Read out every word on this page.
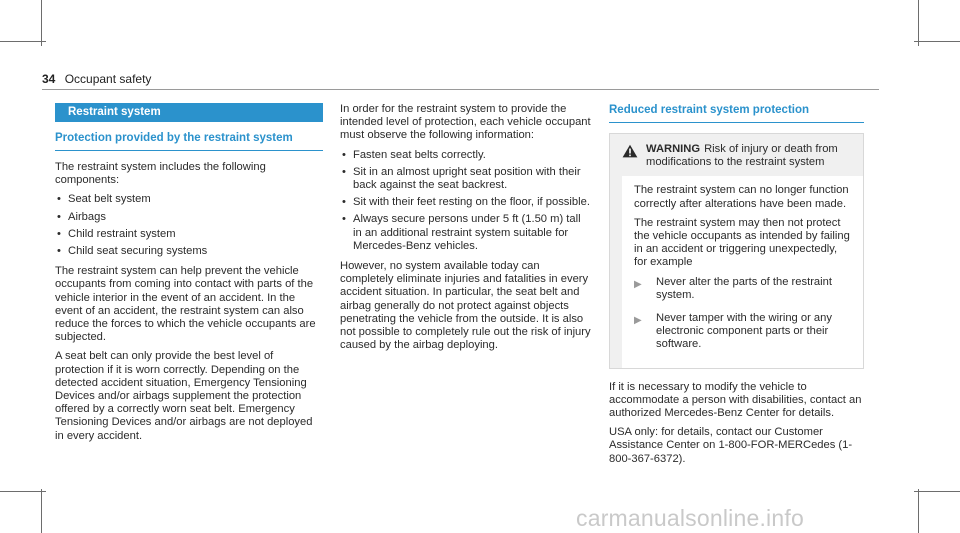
34 Occupant safety
Restraint system
Protection provided by the restraint system

The restraint system includes the following components:

• Seat belt system
• Airbags
• Child restraint system
• Child seat securing systems

The restraint system can help prevent the vehicle occupants from coming into contact with parts of the vehicle interior in the event of an accident. In the event of an accident, the restraint system can also reduce the forces to which the vehicle occupants are subjected.

A seat belt can only provide the best level of protection if it is worn correctly. Depending on the detected accident situation, Emergency Tensioning Devices and/or airbags supplement the protection offered by a correctly worn seat belt. Emergency Tensioning Devices and/or airbags are not deployed in every accident.

In order for the restraint system to provide the intended level of protection, each vehicle occupant must observe the following information:

• Fasten seat belts correctly.
• Sit in an almost upright seat position with their back against the seat backrest.
• Sit with their feet resting on the floor, if possible.
• Always secure persons under 5 ft (1.50 m) tall in an additional restraint system suitable for Mercedes-Benz vehicles.

However, no system available today can completely eliminate injuries and fatalities in every accident situation. In particular, the seat belt and airbag generally do not protect against objects penetrating the vehicle from the outside. It is also not possible to completely rule out the risk of injury caused by the airbag deploying.

Reduced restraint system protection
WARNING Risk of injury or death from modifications to the restraint system

The restraint system can no longer function correctly after alterations have been made.

The restraint system may then not protect the vehicle occupants as intended by failing in an accident or triggering unexpectedly, for example

▶	Never alter the parts of the restraint system.
▶	Never tamper with the wiring or any electronic component parts or their software.

If it is necessary to modify the vehicle to accommodate a person with disabilities, contact an authorized Mercedes-Benz Center for details.

USA only: for details, contact our Customer Assistance Center on 1-800-FOR-MERCedes (1-800-367-6372).

carmanualsonline.info
